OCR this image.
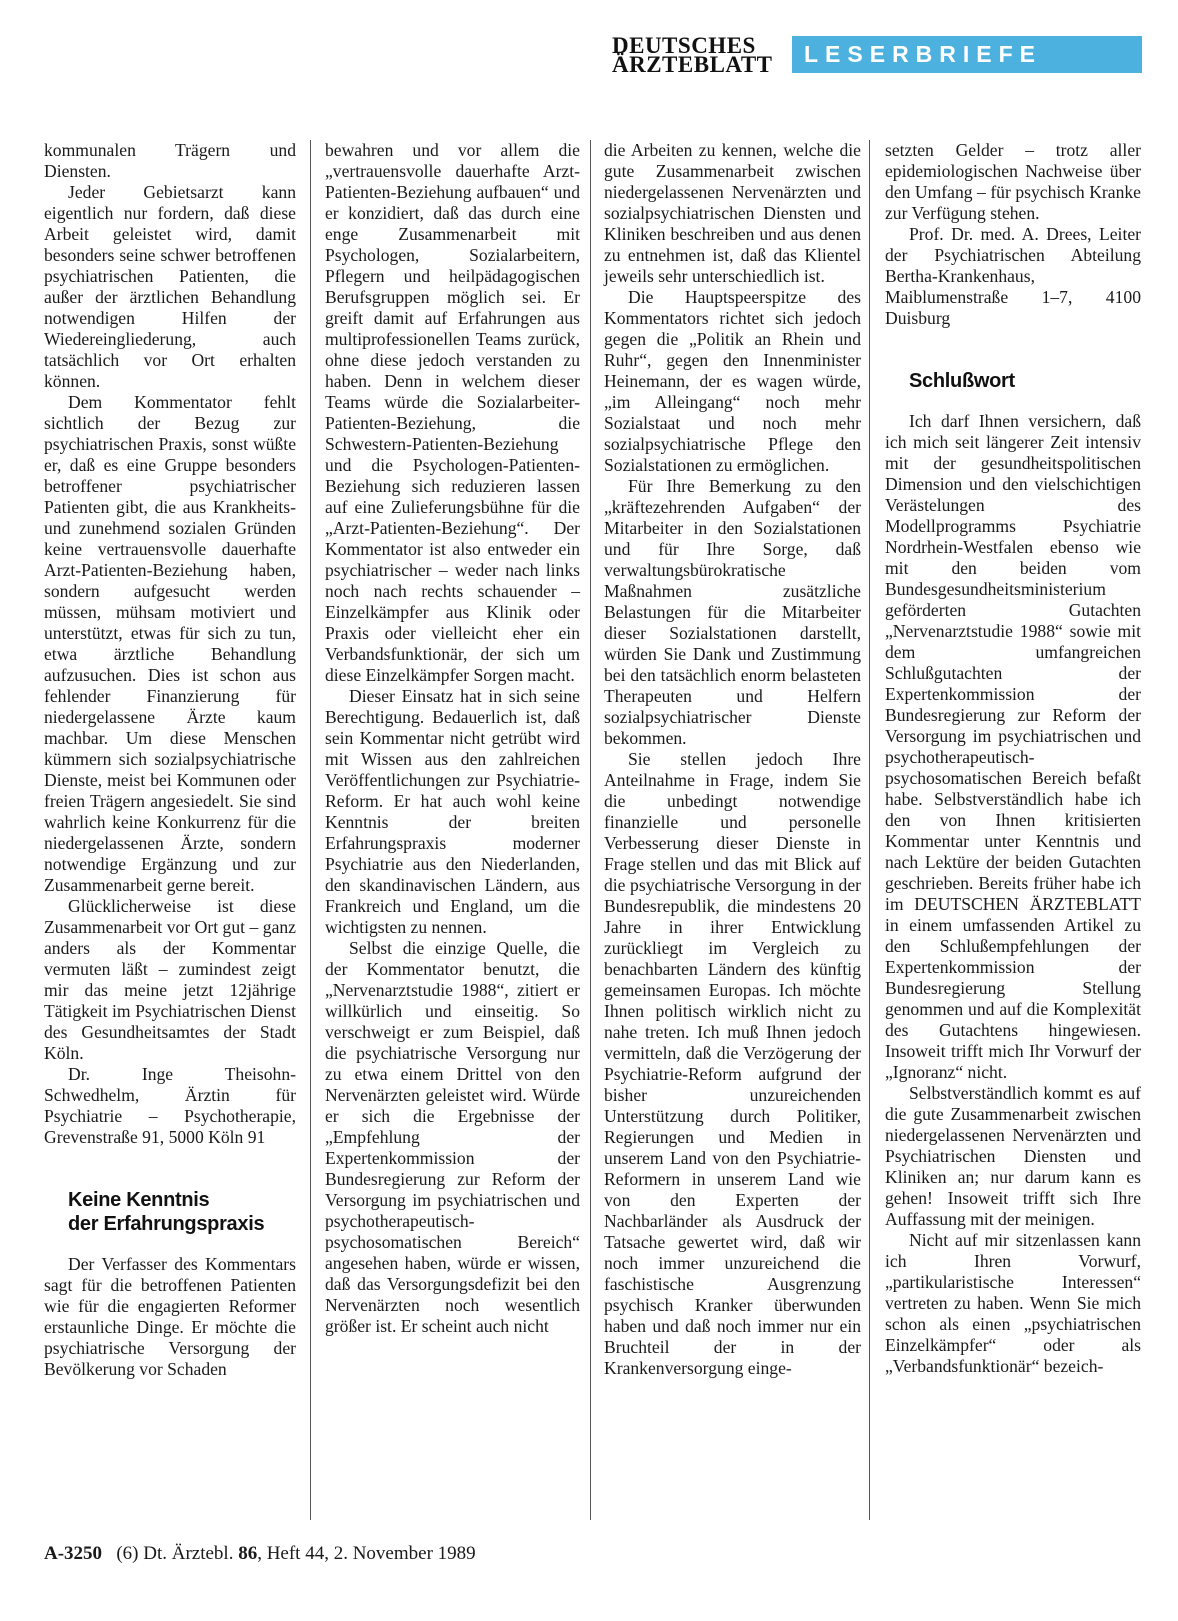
DEUTSCHES
ÄRZTEBLATT	LESERBRIEFE

kommunalen Trägern und Diensten.

Jeder Gebietsarzt kann eigentlich nur fordern, daß diese Arbeit geleistet wird, damit besonders seine schwer betroffenen psychiatrischen Patienten, die außer der ärztlichen Behandlung notwendigen Hilfen der Wiedereingliederung, auch tatsächlich vor Ort erhalten können.

Dem Kommentator fehlt sichtlich der Bezug zur psychiatrischen Praxis, sonst wüßte er, daß es eine Gruppe besonders betroffener psychiatrischer Patienten gibt, die aus Krankheits- und zunehmend sozialen Gründen keine vertrauensvolle dauerhafte Arzt-Patienten-Beziehung haben, sondern aufgesucht werden müssen, mühsam motiviert und unterstützt, etwas für sich zu tun, etwa ärztliche Behandlung aufzusuchen. Dies ist schon aus fehlender Finanzierung für niedergelassene Ärzte kaum machbar. Um diese Menschen kümmern sich sozialpsychiatrische Dienste, meist bei Kommunen oder freien Trägern angesiedelt. Sie sind wahrlich keine Konkurrenz für die niedergelassenen Ärzte, sondern notwendige Ergänzung und zur Zusammenarbeit gerne bereit.

Glücklicherweise ist diese Zusammenarbeit vor Ort gut – ganz anders als der Kommentar vermuten läßt – zumindest zeigt mir das meine jetzt 12jährige Tätigkeit im Psychiatrischen Dienst des Gesundheitsamtes der Stadt Köln.

Dr. Inge Theisohn-Schwedhelm, Ärztin für Psychiatrie – Psychotherapie, Grevenstraße 91, 5000 Köln 91

Keine Kenntnis

der Erfahrungspraxis

Der Verfasser des Kommentars sagt für die betroffenen Patienten wie für die engagierten Reformer erstaunliche Dinge. Er möchte die psychiatrische Versorgung der Bevölkerung vor Schaden

bewahren und vor allem die „vertrauensvolle dauerhafte Arzt-Patienten-Beziehung aufbauen“ und er konzidiert, daß das durch eine enge Zusammenarbeit mit Psychologen, Sozialarbeitern, Pflegern und heilpädagogischen Berufsgruppen möglich sei. Er greift damit auf Erfahrungen aus multiprofessionellen Teams zurück, ohne diese jedoch verstanden zu haben. Denn in welchem dieser Teams würde die Sozialarbeiter-Patienten-Beziehung, die Schwestern-Patienten-Beziehung und die Psychologen-Patienten-Beziehung sich reduzieren lassen auf eine Zulieferungsbühne für die „Arzt-Patienten-Beziehung“. Der Kommentator ist also entweder ein psychiatrischer – weder nach links noch nach rechts schauender – Einzelkämpfer aus Klinik oder Praxis oder vielleicht eher ein Verbandsfunktionär, der sich um diese Einzelkämpfer Sorgen macht.

Dieser Einsatz hat in sich seine Berechtigung. Bedauerlich ist, daß sein Kommentar nicht getrübt wird mit Wissen aus den zahlreichen Veröffentlichungen zur Psychiatrie-Reform. Er hat auch wohl keine Kenntnis der breiten Erfahrungspraxis moderner Psychiatrie aus den Niederlanden, den skandinavischen Ländern, aus Frankreich und England, um die wichtigsten zu nennen.

Selbst die einzige Quelle, die der Kommentator benutzt, die „Nervenarztstudie 1988“, zitiert er willkürlich und einseitig. So verschweigt er zum Beispiel, daß die psychiatrische Versorgung nur zu etwa einem Drittel von den Nervenärzten geleistet wird. Würde er sich die Ergebnisse der „Empfehlung der Expertenkommission der Bundesregierung zur Reform der Versorgung im psychiatrischen und psychotherapeutisch-psychosomatischen Bereich“ angesehen haben, würde er wissen, daß das Versorgungsdefizit bei den Nervenärzten noch wesentlich größer ist. Er scheint auch nicht

die Arbeiten zu kennen, welche die gute Zusammenarbeit zwischen niedergelassenen Nervenärzten und sozialpsychiatrischen Diensten und Kliniken beschreiben und aus denen zu entnehmen ist, daß das Klientel jeweils sehr unterschiedlich ist.

Die Hauptspeerspitze des Kommentators richtet sich jedoch gegen die „Politik an Rhein und Ruhr“, gegen den Innenminister Heinemann, der es wagen würde, „im Alleingang“ noch mehr Sozialstaat und noch mehr sozialpsychiatrische Pflege den Sozialstationen zu ermöglichen.

Für Ihre Bemerkung zu den „kräftezehrenden Aufgaben“ der Mitarbeiter in den Sozialstationen und für Ihre Sorge, daß verwaltungsbürokratische Maßnahmen zusätzliche Belastungen für die Mitarbeiter dieser Sozialstationen darstellt, würden Sie Dank und Zustimmung bei den tatsächlich enorm belasteten Therapeuten und Helfern sozialpsychiatrischer Dienste bekommen.

Sie stellen jedoch Ihre Anteilnahme in Frage, indem Sie die unbedingt notwendige finanzielle und personelle Verbesserung dieser Dienste in Frage stellen und das mit Blick auf die psychiatrische Versorgung in der Bundesrepublik, die mindestens 20 Jahre in ihrer Entwicklung zurückliegt im Vergleich zu benachbarten Ländern des künftig gemeinsamen Europas. Ich möchte Ihnen politisch wirklich nicht zu nahe treten. Ich muß Ihnen jedoch vermitteln, daß die Verzögerung der Psychiatrie-Reform aufgrund der bisher unzureichenden Unterstützung durch Politiker, Regierungen und Medien in unserem Land von den Psychiatrie-Reformern in unserem Land wie von den Experten der Nachbarländer als Ausdruck der Tatsache gewertet wird, daß wir noch immer unzureichend die faschistische Ausgrenzung psychisch Kranker überwunden haben und daß noch immer nur ein Bruchteil der in der Krankenversorgung einge-

setzten Gelder – trotz aller epidemiologischen Nachweise über den Umfang – für psychisch Kranke zur Verfügung stehen.

Prof. Dr. med. A. Drees, Leiter der Psychiatrischen Abteilung Bertha-Krankenhaus, Maiblumenstraße 1–7, 4100 Duisburg

Schlußwort

Ich darf Ihnen versichern, daß ich mich seit längerer Zeit intensiv mit der gesundheitspolitischen Dimension und den vielschichtigen Verästelungen des Modellprogramms Psychiatrie Nordrhein-Westfalen ebenso wie mit den beiden vom Bundesgesundheitsministerium geförderten Gutachten „Nervenarztstudie 1988“ sowie mit dem umfangreichen Schlußgutachten der Expertenkommission der Bundesregierung zur Reform der Versorgung im psychiatrischen und psychotherapeutisch-psychosomatischen Bereich befaßt habe. Selbstverständlich habe ich den von Ihnen kritisierten Kommentar unter Kenntnis und nach Lektüre der beiden Gutachten geschrieben. Bereits früher habe ich im DEUTSCHEN ÄRZTEBLATT in einem umfassenden Artikel zu den Schlußempfehlungen der Expertenkommission der Bundesregierung Stellung genommen und auf die Komplexität des Gutachtens hingewiesen. Insoweit trifft mich Ihr Vorwurf der „Ignoranz“ nicht.

Selbstverständlich kommt es auf die gute Zusammenarbeit zwischen niedergelassenen Nervenärzten und Psychiatrischen Diensten und Kliniken an; nur darum kann es gehen! Insoweit trifft sich Ihre Auffassung mit der meinigen.

Nicht auf mir sitzenlassen kann ich Ihren Vorwurf, „partikularistische Interessen“ vertreten zu haben. Wenn Sie mich schon als einen „psychiatrischen Einzelkämpfer“ oder als „Verbandsfunktionär“ bezeich-

A-3250 (6) Dt. Ärztebl. 86, Heft 44, 2. November 1989
